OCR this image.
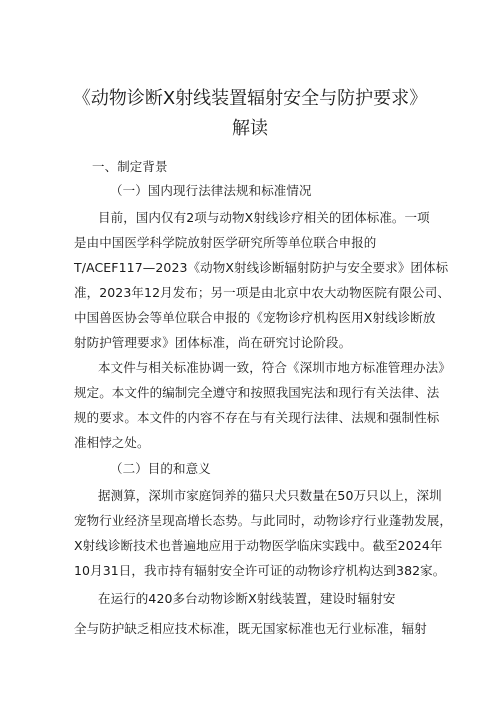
《动物诊断X射线装置辐射安全与防护要求》
解读
一、制定背景
（一）国内现行法律法规和标准情况
目前，国内仅有2项与动物X射线诊疗相关的团体标准。一项
是由中国医学科学院放射医学研究所等单位联合申报的
T/ACEF117—2023《动物X射线诊断辐射防护与安全要求》团体标
准，2023年12月发布；另一项是由北京中农大动物医院有限公司、
中国兽医协会等单位联合申报的《宠物诊疗机构医用X射线诊断放
射防护管理要求》团体标准，尚在研究讨论阶段。
本文件与相关标准协调一致，符合《深圳市地方标准管理办法》
规定。本文件的编制完全遵守和按照我国宪法和现行有关法律、法
规的要求。本文件的内容不存在与有关现行法律、法规和强制性标
准相悖之处。
（二）目的和意义
据测算，深圳市家庭饲养的猫只犬只数量在50万只以上，深圳
宠物行业经济呈现高增长态势。与此同时，动物诊疗行业蓬勃发展，
X射线诊断技术也普遍地应用于动物医学临床实践中。截至2024年
10月31日，我市持有辐射安全许可证的动物诊疗机构达到382家。
在运行的420多台动物诊断X射线装置，建设时辐射安
全与防护缺乏相应技术标准，既无国家标准也无行业标准，辐射
